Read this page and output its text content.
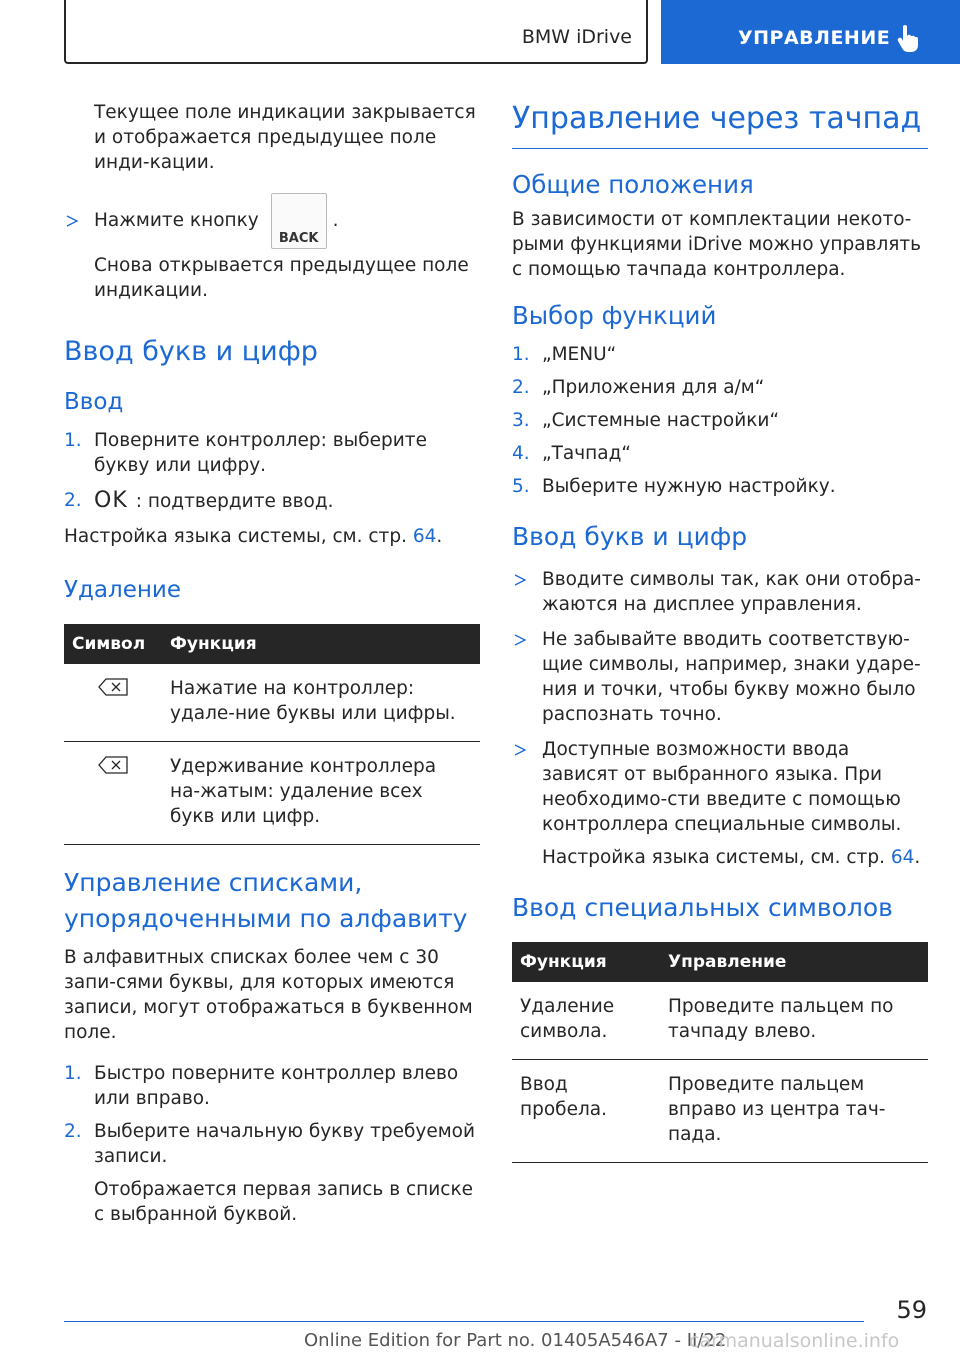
BMW iDrive	УПРАВЛЕНИЕ

Текущее поле индикации закрывается и отображается предыдущее поле инди-кации.

Нажмите кнопку
BACK
.

Снова открывается предыдущее поле индикации.

Ввод букв и цифр
Ввод
1. Поверните контроллер: выберите букву или цифру.
2. OK : подтвердите ввод.

Настройка языка системы, см. стр. 64.

Удаление
Символ	Функция
	Нажатие на контроллер: удале-ние буквы или цифры.
	Удерживание контроллера на-жатым: удаление всех букв или цифр.
Управление списками, упорядоченными по алфавиту

В алфавитных списках более чем с 30 запи-сями буквы, для которых имеются записи, могут отображаться в буквенном поле.

1. Быстро поверните контроллер влево или вправо.
2. Выберите начальную букву требуемой записи.

Отображается первая запись в списке с выбранной буквой.

Управление через тачпад
Общие положения

В зависимости от комплектации некото-рыми функциями iDrive можно управлять с помощью тачпада контроллера.

Выбор функций
1. „MENU“
2. „Приложения для а/м“
3. „Системные настройки“
4. „Тачпад“
5. Выберите нужную настройку.
Ввод букв и цифр
Вводите символы так, как они отобра-жаются на дисплее управления.
Не забывайте вводить соответствую-щие символы, например, знаки ударе-ния и точки, чтобы букву можно было распознать точно.
Доступные возможности ввода зависят от выбранного языка. При необходимо-сти введите с помощью контроллера специальные символы.

Настройка языка системы, см. стр. 64.

Ввод специальных символов
Функция	Управление
Удаление символа.	Проведите пальцем по тачпаду влево.
Ввод пробела.	Проведите пальцем вправо из центра тач-пада.
59
Online Edition for Part no. 01405A546A7 - II/22
carmanualsonline.info
